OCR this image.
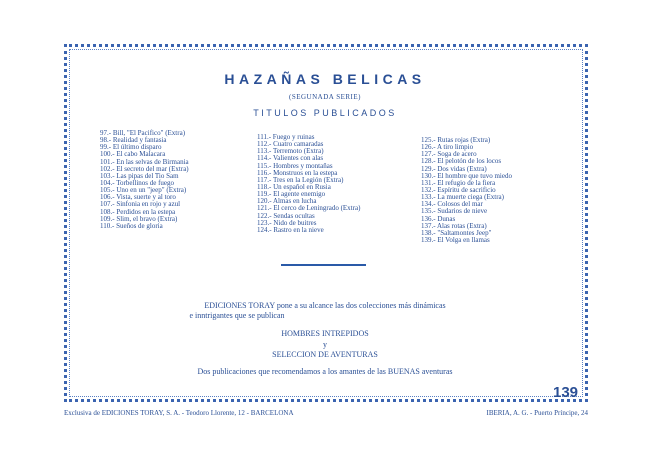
HAZAÑAS BELICAS
(SEGUNADA SERIE)
TITULOS PUBLICADOS
97.- Bill, "El Pacifico" (Extra)
98.- Realidad y fantasia
99.- El último disparo
100.- El cabo Malacara
101.- En las selvas de Birmania
102.- El secreto del mar (Extra)
103.- Las pipas del Tio Sam
104.- Torbellinos de fuego
105.- Uno en un "jeep" (Extra)
106.- Vista, suerte y al toro
107.- Sinfonia en rojo y azul
108.- Perdidos en la estepa
109.- Slim, el bravo (Extra)
110.- Sueños de gloria
111.- Fuego y ruinas
112.- Cuatro camaradas
113.- Terremoto (Extra)
114.- Valientes con alas
115.- Hombres y montañas
116.- Monstruos en la estepa
117.- Tres en la Legión (Extra)
118.- Un español en Rusia
119.- El agente enemigo
120.- Almas en lucha
121.- El cerco de Leningrado (Extra)
122.- Sendas ocultas
123.- Nido de buitres
124.- Rastro en la nieve
125.- Rutas rojas (Extra)
126.- A tiro limpio
127.- Soga de acero
128.- El pelotón de los locos
129.- Dos vidas (Extra)
130.- El hombre que tuvo miedo
131.- El refugio de la fiera
132.- Espíritu de sacrificio
133.- La muerte ciega (Extra)
134.- Colosos del mar
135.- Sudarios de nieve
136.- Dunas
137.- Alas rotas (Extra)
138.- "Saltamontes Jeep"
139.- El Volga en llamas
EDICIONES TORAY pone a su alcance las dos colecciones más dinámicas
e inntrigantes que se publican
HOMBRES INTREPIDOS
y
SELECCION DE AVENTURAS
Dos publicaciones que recomendamos a los amantes de las BUENAS aventuras
139
Exclusiva de EDICIONES TORAY, S. A. - Teodoro Llorente, 12 - BARCELONA	IBERIA, A. G. - Puerto Príncipe, 24
